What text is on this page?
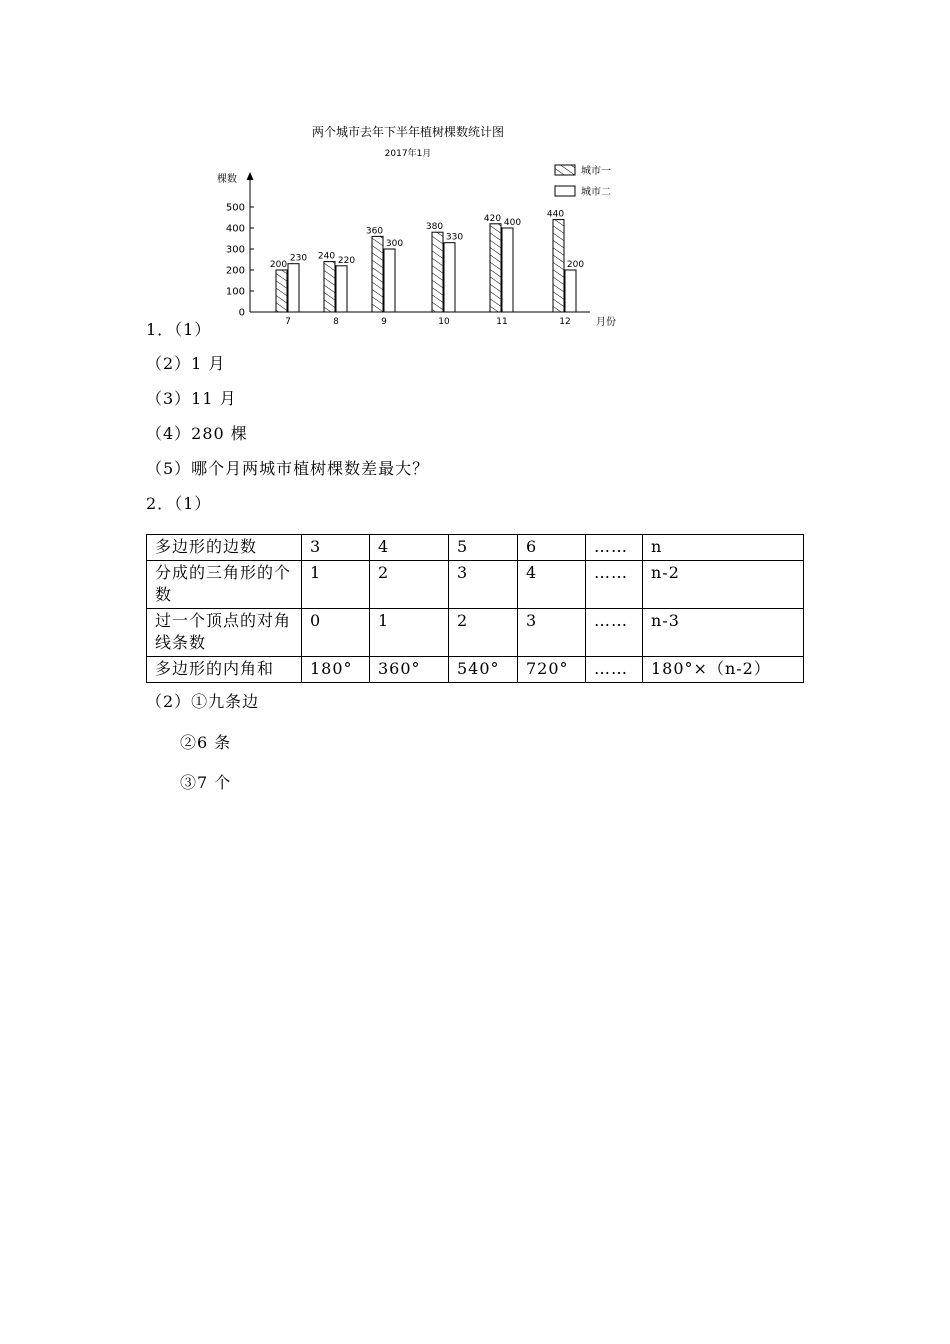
两个城市去年下半年植树棵数统计图
2017年1月
棵数
月份
0
100
200
300
400
500
7	8	9	10	11	12
200
230 240 220
360
300
380
330
420 400
440
200
城市一
城市二
1．（1）
（2）1 月
（3）11 月
（4）280 棵
（5）哪个月两城市植树棵数差最大？
2．（1）
多边形的边数	3	4	5	6	……	n
分成的三角形的个数	1	2	3	4	……	n-2
过一个顶点的对角线条数	0	1	2	3	……	n-3
多边形的内角和	180°	360°	540°	720°	……	180°×（n-2）
（2）①九条边
②6 条
③7 个
